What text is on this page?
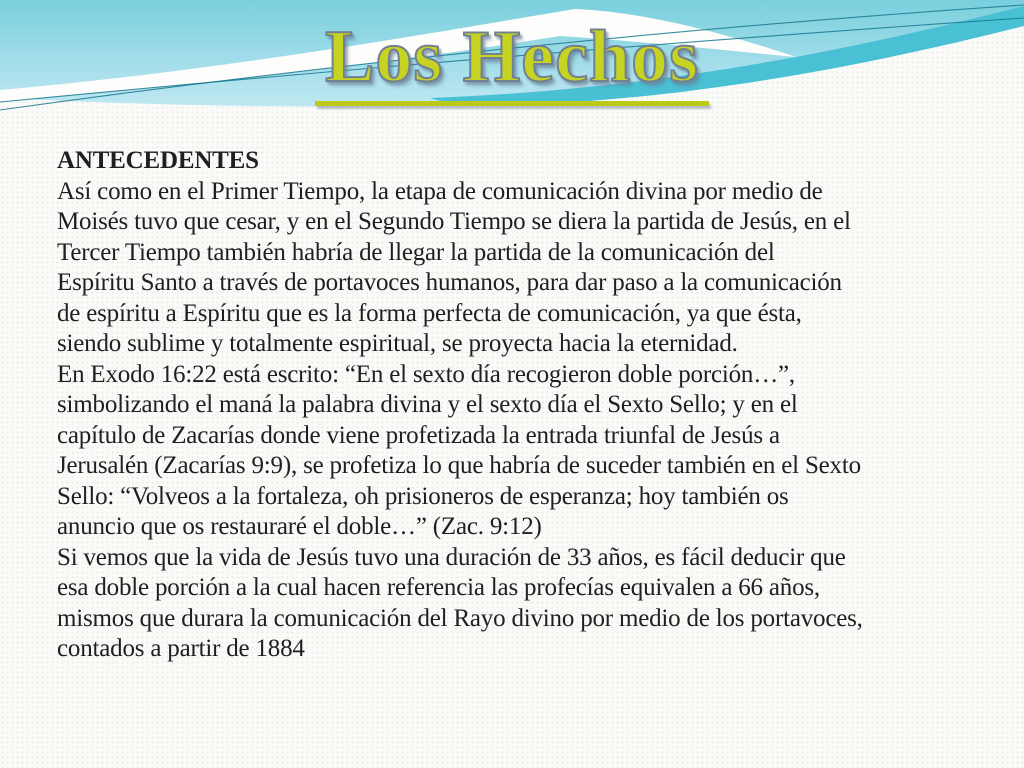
Los Hechos
ANTECEDENTES
Así como en el Primer Tiempo, la etapa de comunicación divina por medio de
Moisés tuvo que cesar, y en el Segundo Tiempo se diera la partida de Jesús, en el
Tercer Tiempo también habría de llegar la partida de la comunicación del
Espíritu Santo a través de portavoces humanos, para dar paso a la comunicación
de espíritu a Espíritu que es la forma perfecta de comunicación, ya que ésta,
siendo sublime y totalmente espiritual, se proyecta hacia la eternidad.
En Exodo 16:22 está escrito: “En el sexto día recogieron doble porción…”,
simbolizando el maná la palabra divina y el sexto día el Sexto Sello; y en el
capítulo de Zacarías donde viene profetizada la entrada triunfal de Jesús a
Jerusalén (Zacarías 9:9), se profetiza lo que habría de suceder también en el Sexto
Sello: “Volveos a la fortaleza, oh prisioneros de esperanza; hoy también os
anuncio que os restauraré el doble…” (Zac. 9:12)
Si vemos que la vida de Jesús tuvo una duración de 33 años, es fácil deducir que
esa doble porción a la cual hacen referencia las profecías equivalen a 66 años,
mismos que durara la comunicación del Rayo divino por medio de los portavoces,
contados a partir de 1884
